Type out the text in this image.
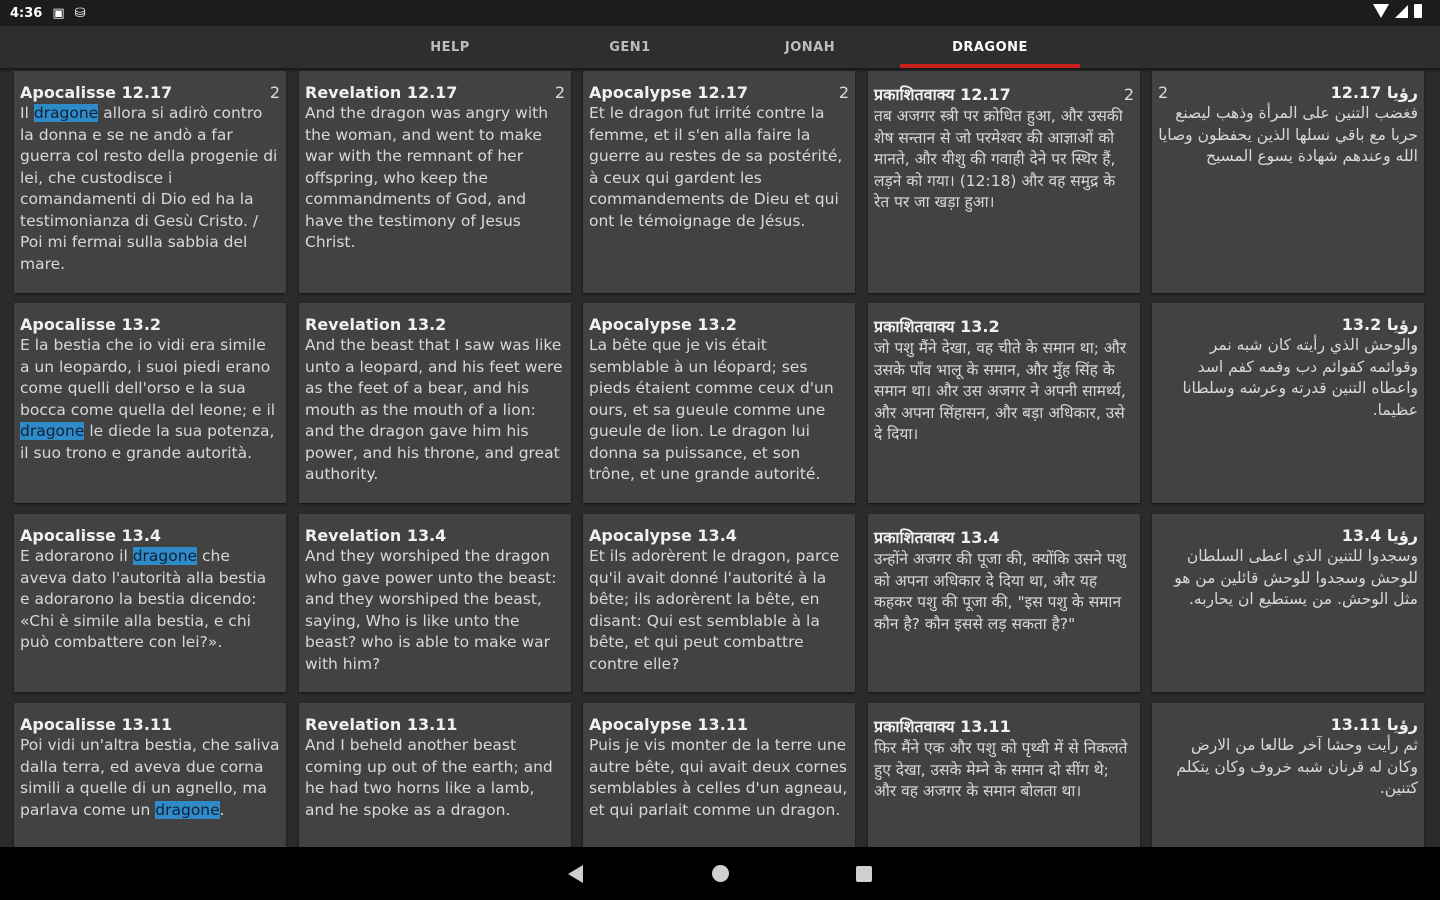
4:36 ▣ ⛁
HELP	GEN1	JONAH	DRAGONE
Apocalisse 12.17	2
Il dragone allora si adirò contro la donna e se ne andò a far guerra col resto della progenie di lei, che custodisce i comandamenti di Dio ed ha la testimonianza di Gesù Cristo. / Poi mi fermai sulla sabbia del mare.
Revelation 12.17	2
And the dragon was angry with the woman, and went to make war with the remnant of her offspring, who keep the commandments of God, and have the testimony of Jesus Christ.
Apocalypse 12.17	2
Et le dragon fut irrité contre la femme, et il s'en alla faire la guerre au restes de sa postérité, à ceux qui gardent les commandements de Dieu et qui ont le témoignage de Jésus.
प्रकाशितवाक्य 12.17	2
तब अजगर स्त्री पर क्रोधित हुआ, और उसकी शेष सन्तान से जो परमेश्वर की आज्ञाओं को मानते, और यीशु की गवाही देने पर स्थिर हैं, लड़ने को गया। (12:18) और वह समुद्र के रेत पर जा खड़ा हुआ।
رؤيا 12.17
2
فغضب التنين على المرأة وذهب ليصنع حربا مع باقي نسلها الذين يحفظون وصايا الله وعندهم شهادة يسوع المسيح
Apocalisse 13.2
E la bestia che io vidi era simile a un leopardo, i suoi piedi erano come quelli dell'orso e la sua bocca come quella del leone; e il dragone le diede la sua potenza, il suo trono e grande autorità.
Revelation 13.2
And the beast that I saw was like unto a leopard, and his feet were as the feet of a bear, and his mouth as the mouth of a lion: and the dragon gave him his power, and his throne, and great authority.
Apocalypse 13.2
La bête que je vis était semblable à un léopard; ses pieds étaient comme ceux d'un ours, et sa gueule comme une gueule de lion. Le dragon lui donna sa puissance, et son trône, et une grande autorité.
प्रकाशितवाक्य 13.2
जो पशु मैंने देखा, वह चीते के समान था; और उसके पाँव भालू के समान, और मुँह सिंह के समान था। और उस अजगर ने अपनी सामर्थ्य, और अपना सिंहासन, और बड़ा अधिकार, उसे दे दिया।
رؤيا 13.2
والوحش الذي رأيته كان شبه نمر وقوائمه كقوائم دب وفمه كفم اسد واعطاه التنين قدرته وعرشه وسلطانا عظيما.
Apocalisse 13.4
E adorarono il dragone che aveva dato l'autorità alla bestia e adorarono la bestia dicendo: «Chi è simile alla bestia, e chi può combattere con lei?».
Revelation 13.4
And they worshiped the dragon who gave power unto the beast: and they worshiped the beast, saying, Who is like unto the beast? who is able to make war with him?
Apocalypse 13.4
Et ils adorèrent le dragon, parce qu'il avait donné l'autorité à la bête; ils adorèrent la bête, en disant: Qui est semblable à la bête, et qui peut combattre contre elle?
प्रकाशितवाक्य 13.4
उन्होंने अजगर की पूजा की, क्योंकि उसने पशु को अपना अधिकार दे दिया था, और यह कहकर पशु की पूजा की, "इस पशु के समान कौन है? कौन इससे लड़ सकता है?"
رؤيا 13.4
وسجدوا للتنين الذي اعطى السلطان للوحش وسجدوا للوحش قائلين من هو مثل الوحش. من يستطيع ان يحاربه.
Apocalisse 13.11
Poi vidi un'altra bestia, che saliva dalla terra, ed aveva due corna simili a quelle di un agnello, ma parlava come un dragone.
Revelation 13.11
And I beheld another beast coming up out of the earth; and he had two horns like a lamb, and he spoke as a dragon.
Apocalypse 13.11
Puis je vis monter de la terre une autre bête, qui avait deux cornes semblables à celles d'un agneau, et qui parlait comme un dragon.
प्रकाशितवाक्य 13.11
फिर मैंने एक और पशु को पृथ्वी में से निकलते हुए देखा, उसके मेम्ने के समान दो सींग थे; और वह अजगर के समान बोलता था।
رؤيا 13.11
ثم رأيت وحشا آخر طالعا من الارض وكان له قرنان شبه خروف وكان يتكلم كتنين.
